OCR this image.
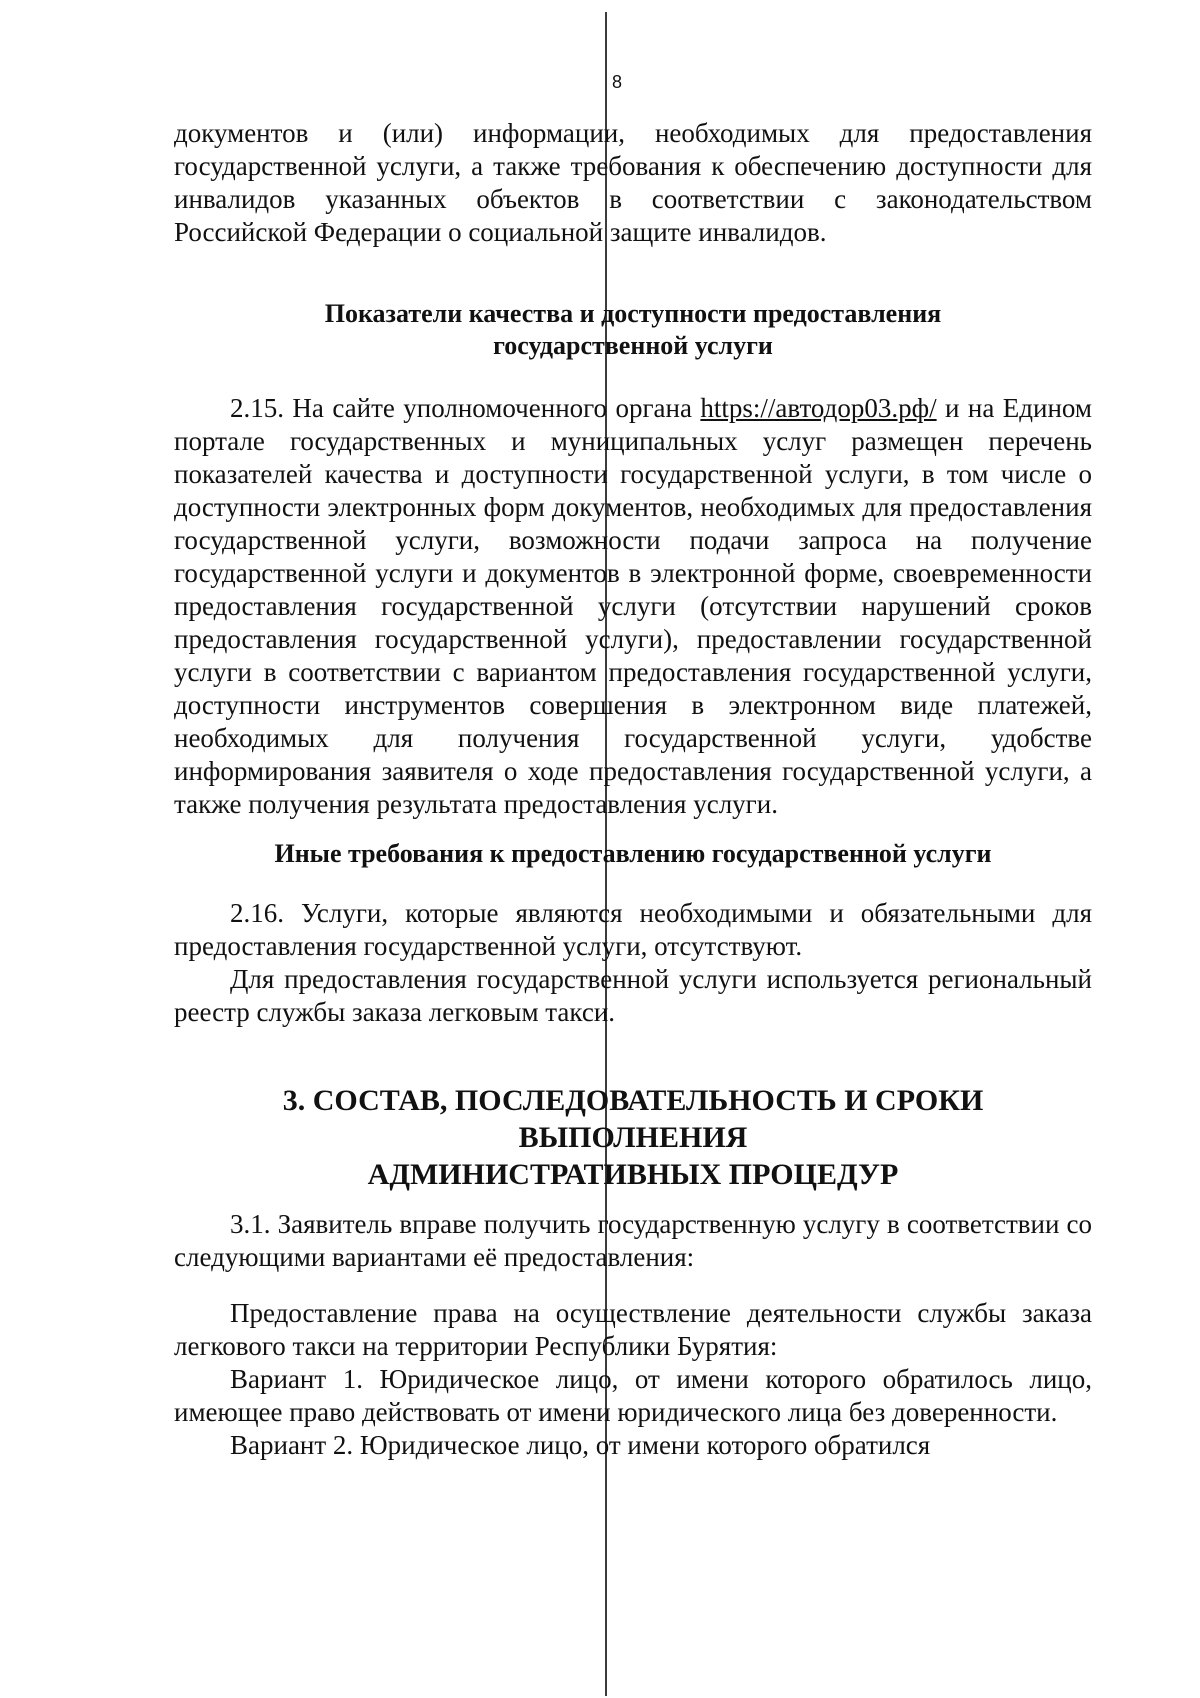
8

документов и (или) информации, необходимых для предоставления государственной услуги, а также требования к обеспечению доступности для инвалидов указанных объектов в соответствии с законодательством Российской Федерации о социальной защите инвалидов.

Показатели качества и доступности предоставления
государственной услуги

2.15. На сайте уполномоченного органа https://автодор03.рф/ и на Едином портале государственных и муниципальных услуг размещен перечень показателей качества и доступности государственной услуги, в том числе о доступности электронных форм документов, необходимых для предоставления государственной услуги, возможности подачи запроса на получение государственной услуги и документов в электронной форме, своевременности предоставления государственной услуги (отсутствии нарушений сроков предоставления государственной услуги), предоставлении государственной услуги в соответствии с вариантом предоставления государственной услуги, доступности инструментов совершения в электронном виде платежей, необходимых для получения государственной услуги, удобстве информирования заявителя о ходе предоставления государственной услуги, а также получения результата предоставления услуги.

Иные требования к предоставлению государственной услуги

2.16. Услуги, которые являются необходимыми и обязательными для предоставления государственной услуги, отсутствуют.

Для предоставления государственной услуги используется региональный реестр службы заказа легковым такси.

3. СОСТАВ, ПОСЛЕДОВАТЕЛЬНОСТЬ И СРОКИ ВЫПОЛНЕНИЯ
АДМИНИСТРАТИВНЫХ ПРОЦЕДУР

3.1. Заявитель вправе получить государственную услугу в соответствии со следующими вариантами её предоставления:

Предоставление права на осуществление деятельности службы заказа легкового такси на территории Республики Бурятия:

Вариант 1. Юридическое лицо, от имени которого обратилось лицо, имеющее право действовать от имени юридического лица без доверенности.

Вариант 2. Юридическое лицо, от имени которого обратился
